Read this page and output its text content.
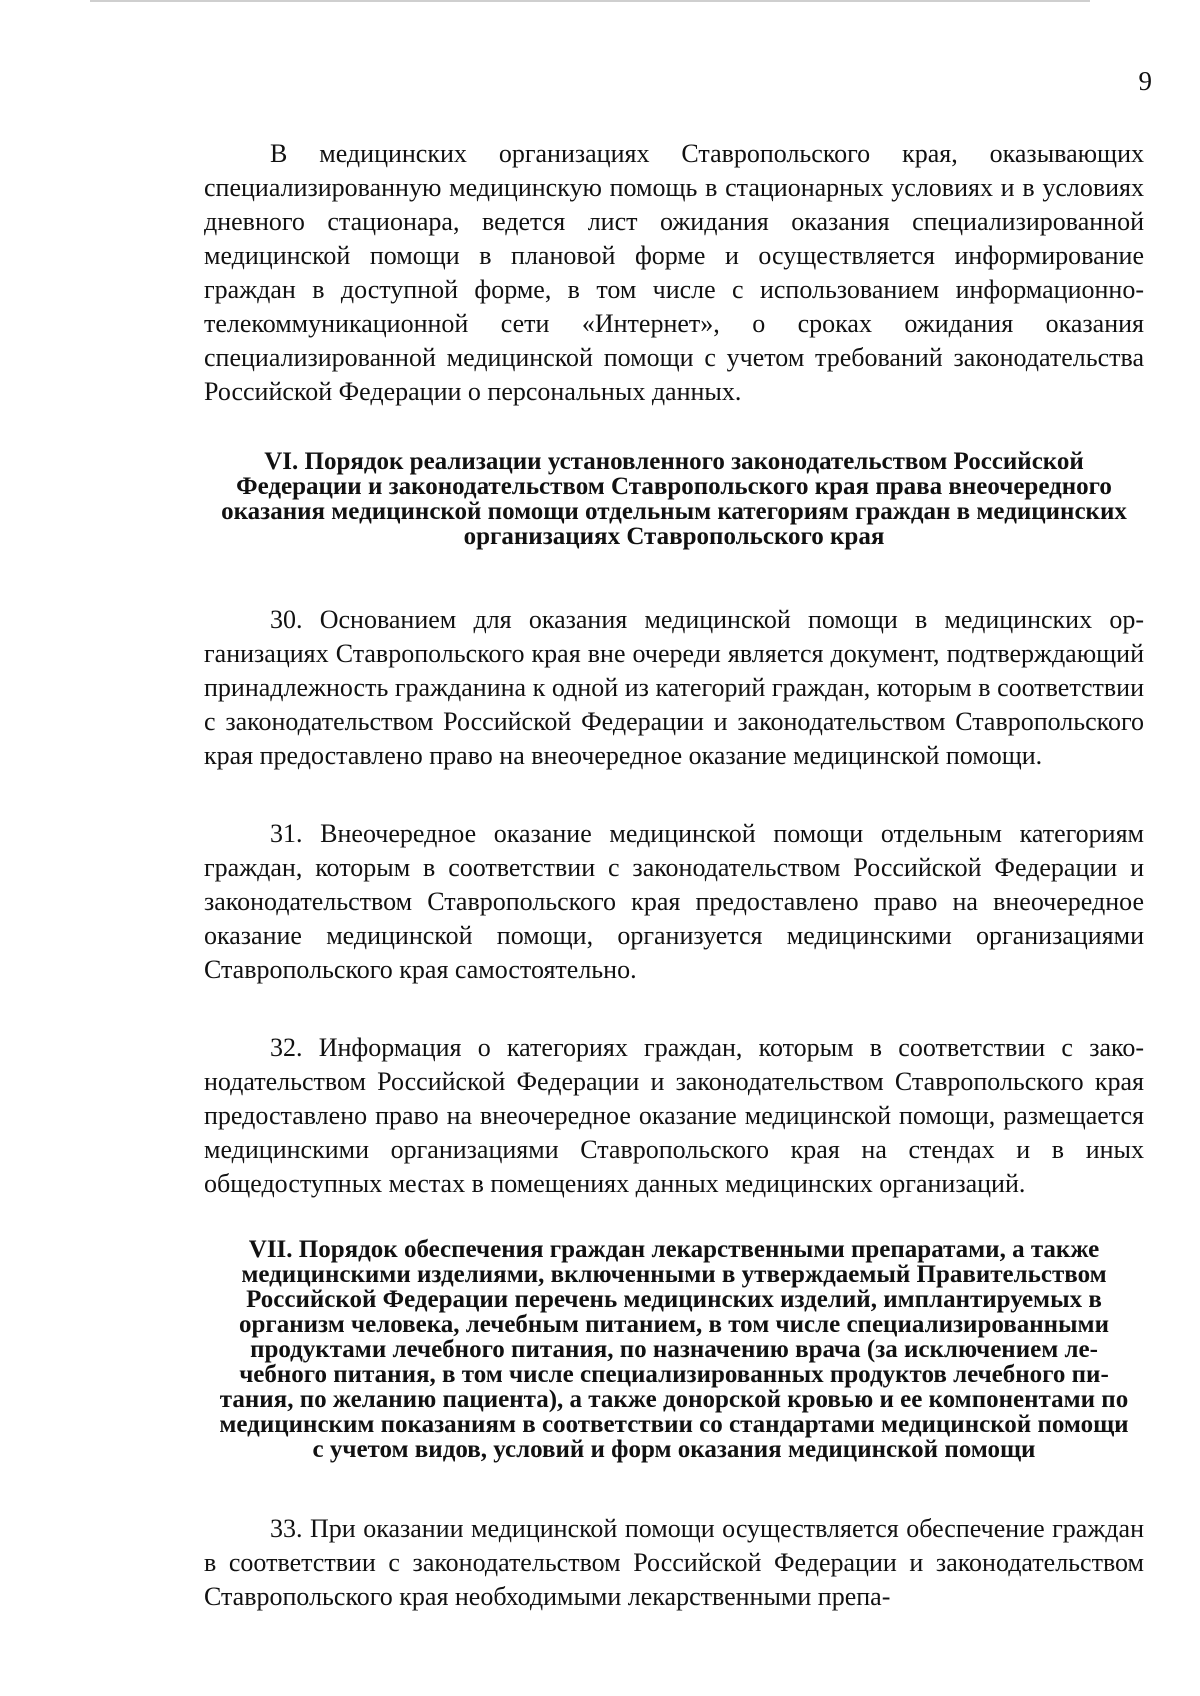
9

В медицинских организациях Ставропольского края, оказывающих специализированную медицинскую помощь в стационарных условиях и в условиях дневного стационара, ведется лист ожидания оказания специализированной медицинской помощи в плановой форме и осуществляется информирование граждан в доступной форме, в том числе с использованием информационно-телекоммуникационной сети «Интернет», о сроках ожидания оказания специализированной медицинской помощи с учетом требований законодательства Российской Федерации о персональных данных.

VI. Порядок реализации установленного законодательством Российской Федерации и законодательством Ставропольского края права внеочередного оказания медицинской помощи отдельным категориям граждан в медицинских организациях Ставропольского края

30. Основанием для оказания медицинской помощи в медицинских организациях Ставропольского края вне очереди является документ, подтверждающий принадлежность гражданина к одной из категорий граждан, которым в соответствии с законодательством Российской Федерации и законодательством Ставропольского края предоставлено право на внеочередное оказание медицинской помощи.

31. Внеочередное оказание медицинской помощи отдельным категориям граждан, которым в соответствии с законодательством Российской Федерации и законодательством Ставропольского края предоставлено право на внеочередное оказание медицинской помощи, организуется медицинскими организациями Ставропольского края самостоятельно.

32. Информация о категориях граждан, которым в соответствии с законодательством Российской Федерации и законодательством Ставропольского края предоставлено право на внеочередное оказание медицинской помощи, размещается медицинскими организациями Ставропольского края на стендах и в иных общедоступных местах в помещениях данных медицинских организаций.

VII. Порядок обеспечения граждан лекарственными препаратами, а также медицинскими изделиями, включенными в утверждаемый Правительством Российской Федерации перечень медицинских изделий, имплантируемых в организм человека, лечебным питанием, в том числе специализированными продуктами лечебного питания, по назначению врача (за исключением лечебного питания, в том числе специализированных продуктов лечебного питания, по желанию пациента), а также донорской кровью и ее компонентами по медицинским показаниям в соответствии со стандартами медицинской помощи с учетом видов, условий и форм оказания медицинской помощи

33. При оказании медицинской помощи осуществляется обеспечение граждан в соответствии с законодательством Российской Федерации и законодательством Ставропольского края необходимыми лекарственными препа-
